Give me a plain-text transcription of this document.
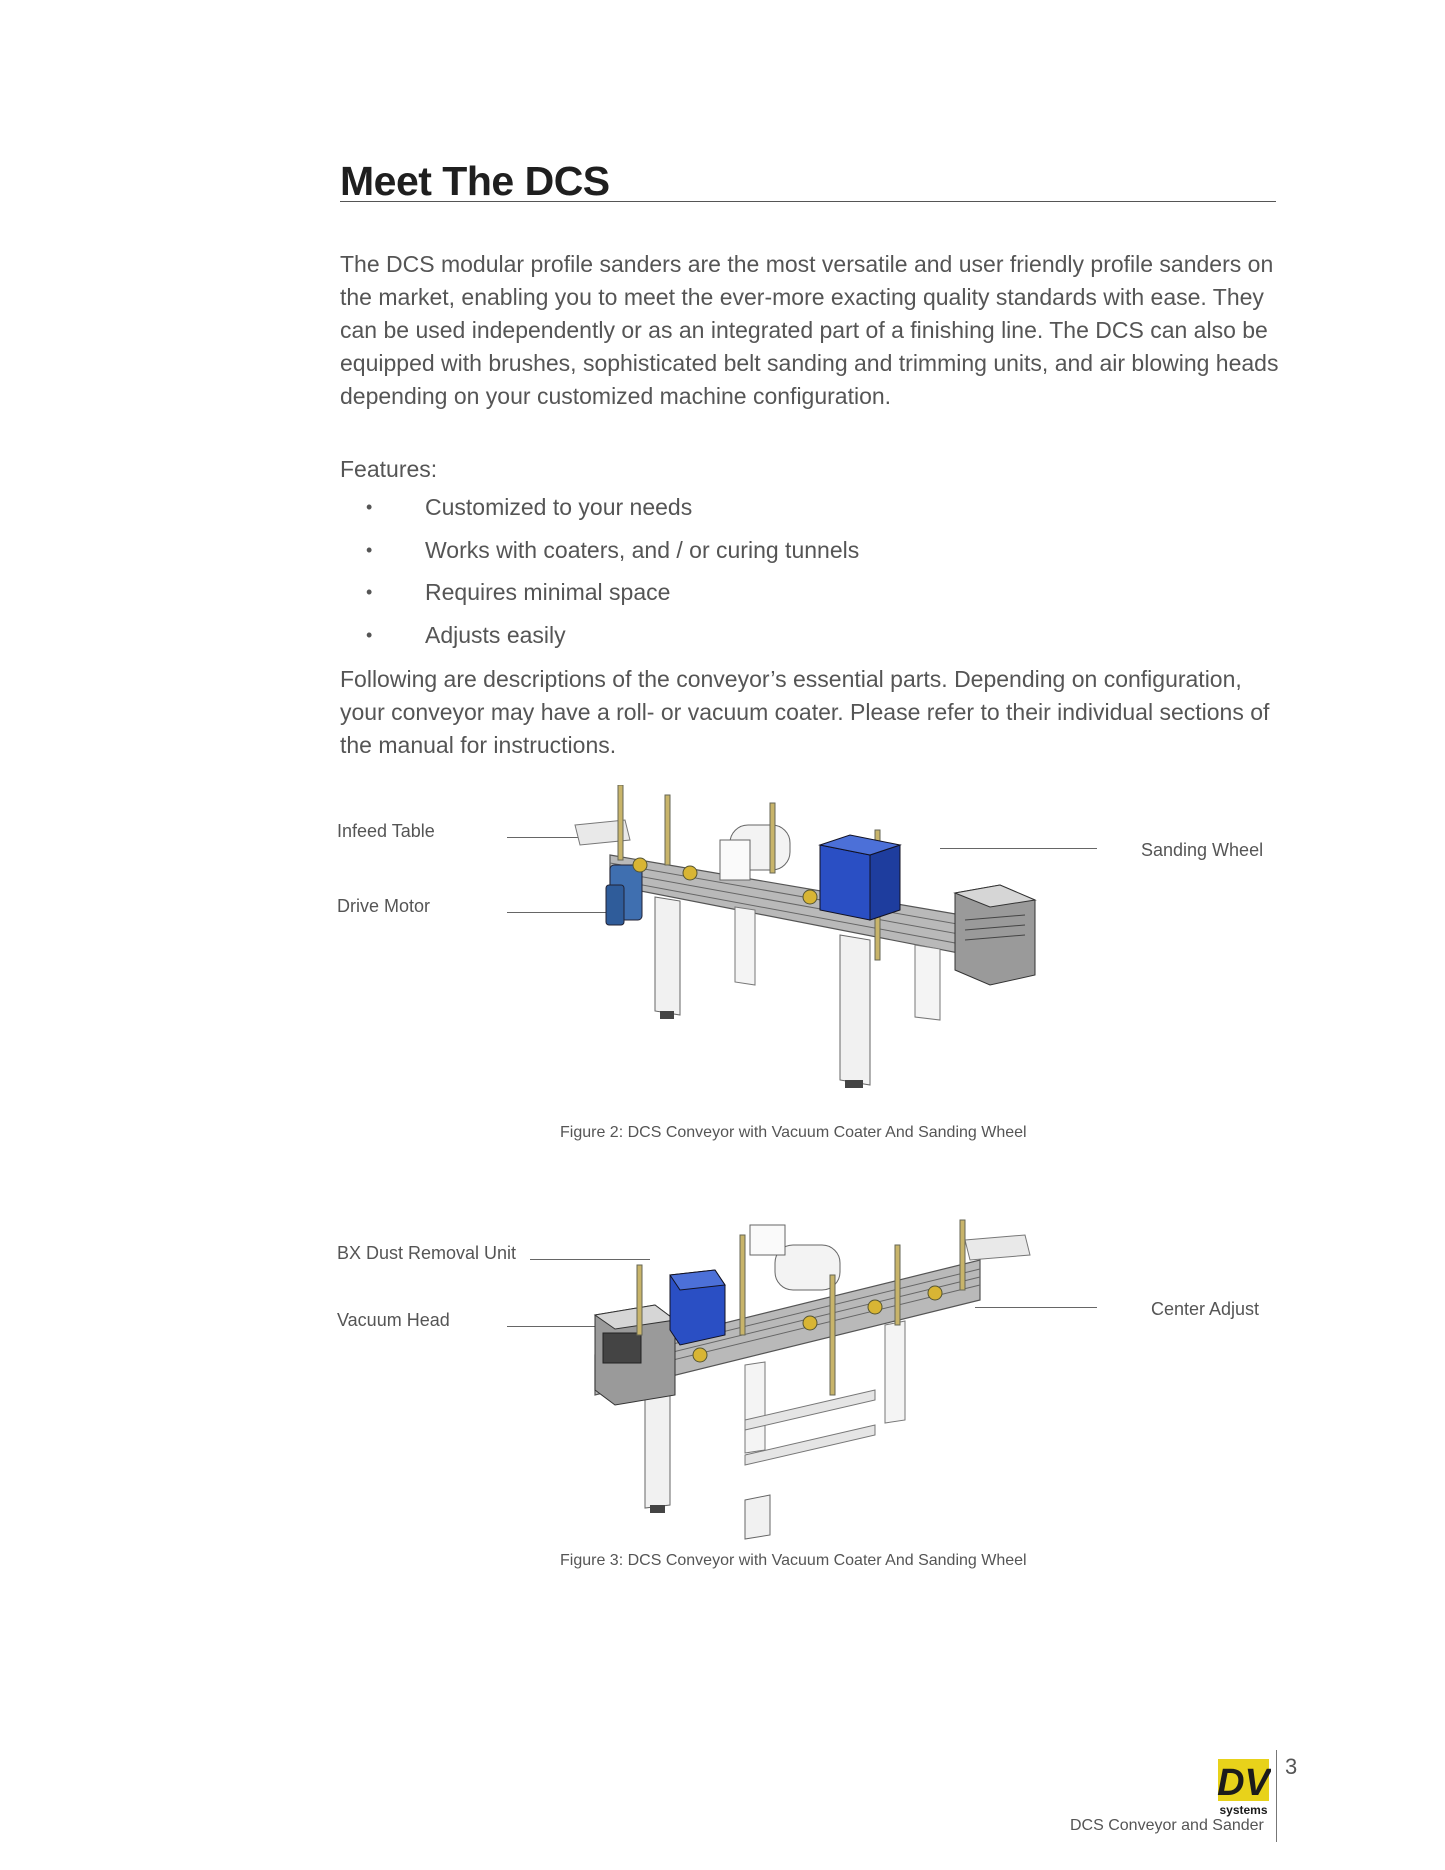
Meet The DCS

The DCS modular profile sanders are the most versatile and user friendly profile sanders on the market, enabling you to meet the ever-more exacting quality standards with ease. They can be used independently or as an integrated part of a finishing line. The DCS can also be equipped with brushes, sophisticated belt sanding and trimming units, and air blowing heads depending on your customized machine configuration.

Features:

• Customized to your needs
• Works with coaters, and / or curing tunnels
• Requires minimal space
• Adjusts easily

Following are descriptions of the conveyor’s essential parts. Depending on configuration, your conveyor may have a roll- or vacuum coater. Please refer to their individual sections of the manual for instructions.

Infeed Table
Drive Motor
Sanding Wheel
Figure 2: DCS Conveyor with Vacuum Coater And Sanding Wheel
BX Dust Removal Unit
Vacuum Head
Center Adjust
Figure 3: DCS Conveyor with Vacuum Coater And Sanding Wheel
DV
systems
3
DCS Conveyor and Sander
